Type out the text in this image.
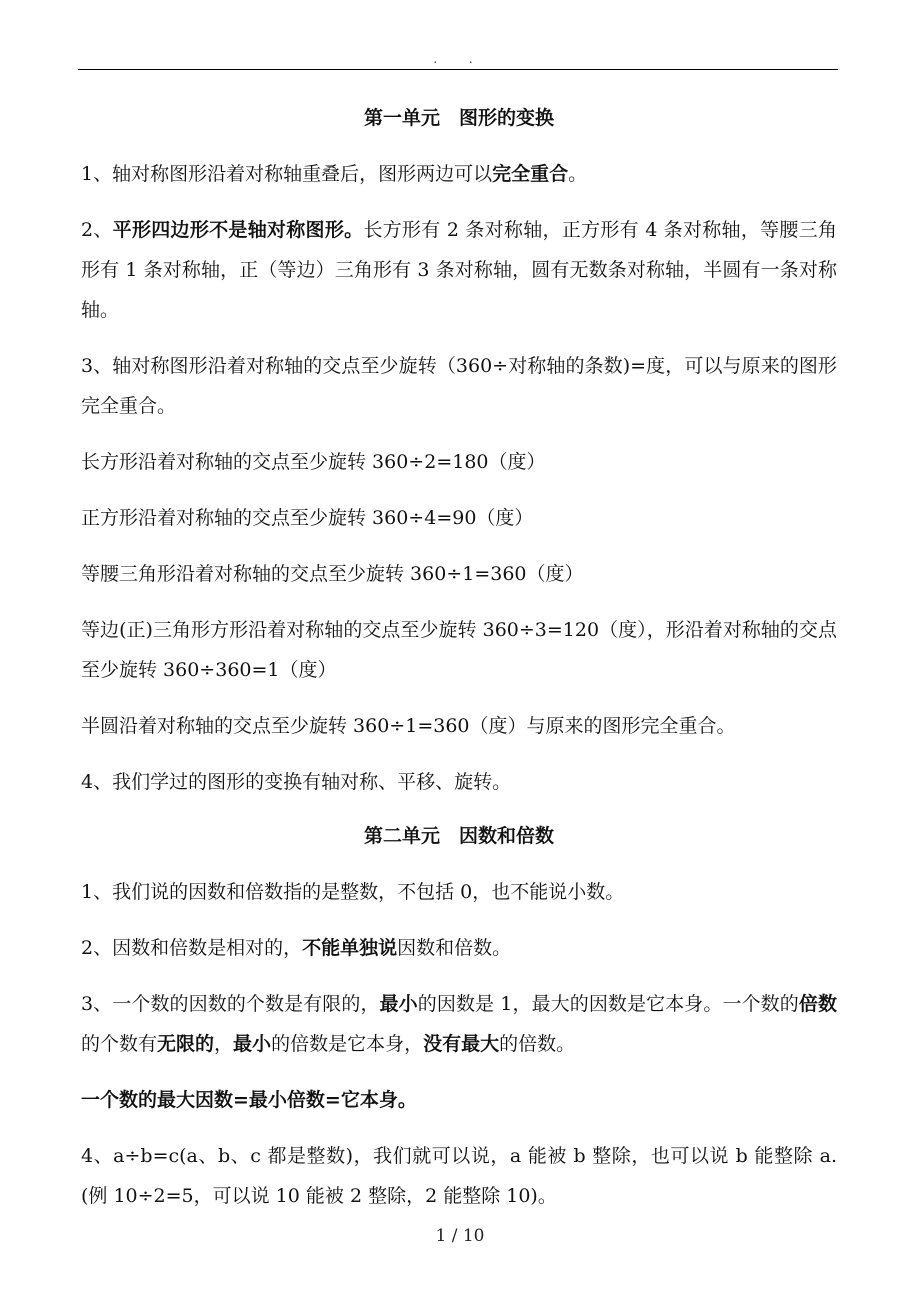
. .
第一单元　图形的变换

1、轴对称图形沿着对称轴重叠后，图形两边可以完全重合。

2、平形四边形不是轴对称图形。长方形有 2 条对称轴，正方形有 4 条对称轴，等腰三角形有 1 条对称轴，正（等边）三角形有 3 条对称轴，圆有无数条对称轴，半圆有一条对称轴。

3、轴对称图形沿着对称轴的交点至少旋转（360÷对称轴的条数)=度，可以与原来的图形完全重合。

长方形沿着对称轴的交点至少旋转 360÷2=180（度）

正方形沿着对称轴的交点至少旋转 360÷4=90（度）

等腰三角形沿着对称轴的交点至少旋转 360÷1=360（度）

等边(正)三角形方形沿着对称轴的交点至少旋转 360÷3=120（度），形沿着对称轴的交点至少旋转 360÷360=1（度）

半圆沿着对称轴的交点至少旋转 360÷1=360（度）与原来的图形完全重合。

4、我们学过的图形的变换有轴对称、平移、旋转。

第二单元　因数和倍数

1、我们说的因数和倍数指的是整数，不包括 0，也不能说小数。

2、因数和倍数是相对的，不能单独说因数和倍数。

3、一个数的因数的个数是有限的，最小的因数是 1，最大的因数是它本身。一个数的倍数的个数有无限的，最小的倍数是它本身，没有最大的倍数。

一个数的最大因数=最小倍数=它本身。

4、a÷b=c(a、b、c 都是整数)，我们就可以说，a 能被 b 整除，也可以说 b 能整除 a.(例 10÷2=5，可以说 10 能被 2 整除，2 能整除 10)。

1 / 10
